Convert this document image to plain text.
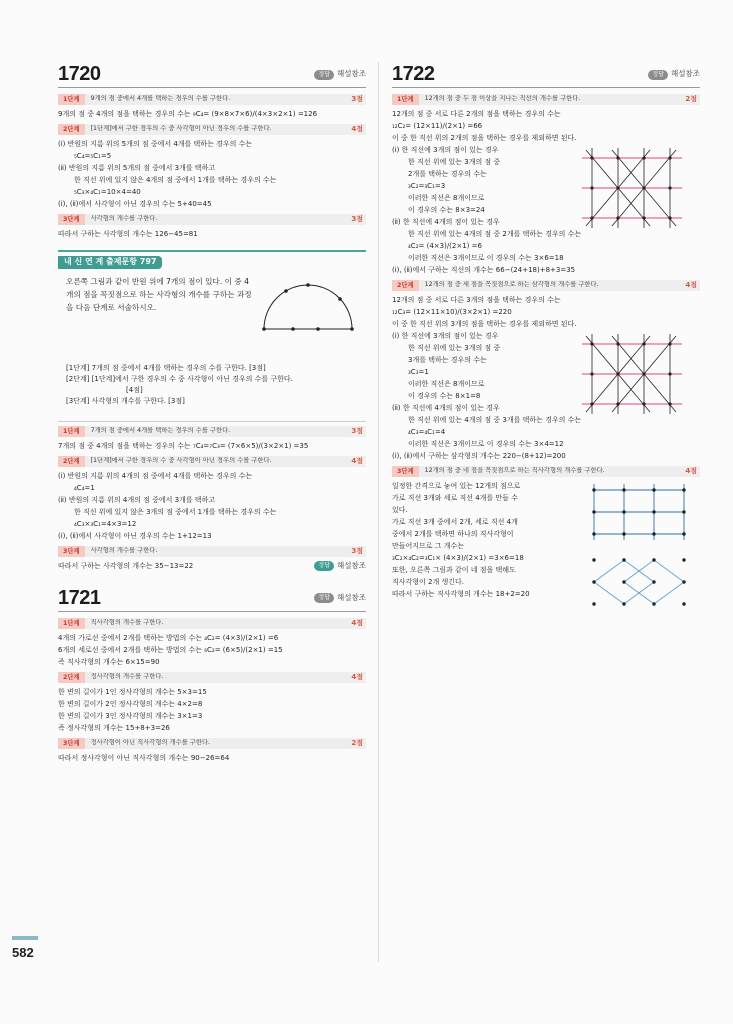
1720	정답 해설참조
1단계	9개의 점 중에서 4개를 택하는 경우의 수를 구한다.	3점
9개의 점 중 4개의 점을 택하는 경우의 수는 ₉C₄= (9×8×7×6)/(4×3×2×1) =126
2단계	[1단계]에서 구한 경우의 수 중 사각형이 아닌 경우의 수를 구한다.	4점
(ⅰ) 반원의 지름 위의 5개의 점 중에서 4개를 택하는 경우의 수는
₅C₄=₅C₁=5
(ⅱ) 반원의 지름 위의 5개의 점 중에서 3개를 택하고
한 직선 위에 있지 않은 4개의 점 중에서 1개를 택하는 경우의 수는
₅C₃×₄C₁=10×4=40
(ⅰ), (ⅱ)에서 사각형이 아닌 경우의 수는 5+40=45
3단계	사각형의 개수를 구한다.	3점
따라서 구하는 사각형의 개수는 126−45=81
내 신 연 계 출제문항 797
오른쪽 그림과 같이 반원 위에 7개의 점이 있다. 이 중 4개의 점을 꼭짓점으로 하는 사각형의 개수를 구하는 과정을 다음 단계로 서술하시오.
[1단계] 7개의 점 중에서 4개를 택하는 경우의 수를 구한다. [3점]
[2단계] [1단계]에서 구한 경우의 수 중 사각형이 아닌 경우의 수를 구한다.
[4점]
[3단계] 사각형의 개수를 구한다. [3점]
1단계	7개의 점 중에서 4개를 택하는 경우의 수를 구한다.	3점
7개의 점 중 4개의 점을 택하는 경우의 수는 ₇C₄=₇C₃= (7×6×5)/(3×2×1) =35
2단계	[1단계]에서 구한 경우의 수 중 사각형이 아닌 경우의 수를 구한다.	4점
(ⅰ) 반원의 지름 위의 4개의 점 중에서 4개를 택하는 경우의 수는
₄C₄=1
(ⅱ) 반원의 지름 위의 4개의 점 중에서 3개를 택하고
한 직선 위에 있지 않은 3개의 점 중에서 1개를 택하는 경우의 수는
₄C₃×₃C₁=4×3=12
(ⅰ), (ⅱ)에서 사각형이 아닌 경우의 수는 1+12=13
3단계	사각형의 개수를 구한다.	3점
따라서 구하는 사각형의 개수는 35−13=22	정답 해설참조
1721	정답 해설참조
1단계	직사각형의 개수를 구한다.	4점
4개의 가로선 중에서 2개를 택하는 방법의 수는 ₄C₂= (4×3)/(2×1) =6
6개의 세로선 중에서 2개를 택하는 방법의 수는 ₆C₂= (6×5)/(2×1) =15
즉 직사각형의 개수는 6×15=90
2단계	정사각형의 개수를 구한다.	4점
한 변의 길이가 1인 정사각형의 개수는 5×3=15
한 변의 길이가 2인 정사각형의 개수는 4×2=8
한 변의 길이가 3인 정사각형의 개수는 3×1=3
즉 정사각형의 개수는 15+8+3=26
3단계	정사각형이 아닌 직사각형의 개수를 구한다.	2점
따라서 정사각형이 아닌 직사각형의 개수는 90−26=64
1722	정답 해설참조
1단계	12개의 점 중 두 점 이상을 지나는 직선의 개수를 구한다.	2점
12개의 점 중 서로 다른 2개의 점을 택하는 경우의 수는
₁₂C₂= (12×11)/(2×1) =66
이 중 한 직선 위의 2개의 점을 택하는 경우를 제외하면 된다.
(ⅰ) 한 직선에 3개의 점이 있는 경우
한 직선 위에 있는 3개의 점 중
2개를 택하는 경우의 수는
₃C₂=₃C₁=3
이러한 직선은 8개이므로
이 경우의 수는 8×3=24
(ⅱ) 한 직선에 4개의 점이 있는 경우
한 직선 위에 있는 4개의 점 중 2개를 택하는 경우의 수는
₄C₂= (4×3)/(2×1) =6
이러한 직선은 3개이므로 이 경우의 수는 3×6=18
(ⅰ), (ⅱ)에서 구하는 직선의 개수는 66−(24+18)+8+3=35
2단계	12개의 점 중 세 점을 꼭짓점으로 하는 삼각형의 개수를 구한다.	4점
12개의 점 중 서로 다른 3개의 점을 택하는 경우의 수는
₁₂C₃= (12×11×10)/(3×2×1) =220
이 중 한 직선 위의 3개의 점을 택하는 경우를 제외하면 된다.
(ⅰ) 한 직선에 3개의 점이 있는 경우
한 직선 위에 있는 3개의 점 중
3개를 택하는 경우의 수는
₃C₃=1
이러한 직선은 8개이므로
이 경우의 수는 8×1=8
(ⅱ) 한 직선에 4개의 점이 있는 경우
한 직선 위에 있는 4개의 점 중 3개를 택하는 경우의 수는
₄C₃=₄C₁=4
이러한 직선은 3개이므로 이 경우의 수는 3×4=12
(ⅰ), (ⅱ)에서 구하는 삼각형의 개수는 220−(8+12)=200
3단계	12개의 점 중 네 점을 꼭짓점으로 하는 직사각형의 개수를 구한다.	4점
일정한 간격으로 놓여 있는 12개의 점으로
가로 직선 3개와 세로 직선 4개를 만들 수
있다.
가로 직선 3개 중에서 2개, 세로 직선 4개
중에서 2개를 택하면 하나의 직사각형이
만들어지므로 그 개수는
₃C₂×₄C₂=₃C₁× (4×3)/(2×1) =3×6=18
또한, 오른쪽 그림과 같이 네 점을 택해도
직사각형이 2개 생긴다.
따라서 구하는 직사각형의 개수는 18+2=20
582
